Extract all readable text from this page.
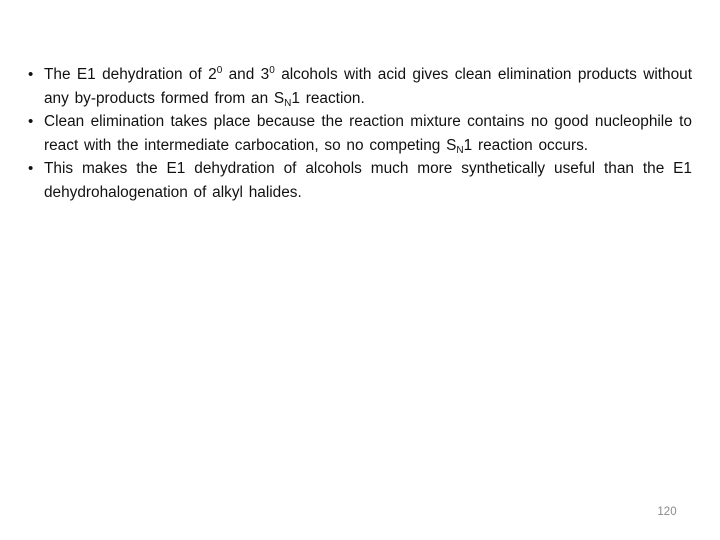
• The E1 dehydration of $2^0$ and $3^0$ alcohols with acid gives clean elimination products without any by-products formed from an $S_N1$ reaction.
• Clean elimination takes place because the reaction mixture contains no good nucleophile to react with the intermediate carbocation, so no competing $S_N1$ reaction occurs.
• This makes the E1 dehydration of alcohols much more synthetically useful than the E1 dehydrohalogenation of alkyl halides.
120
